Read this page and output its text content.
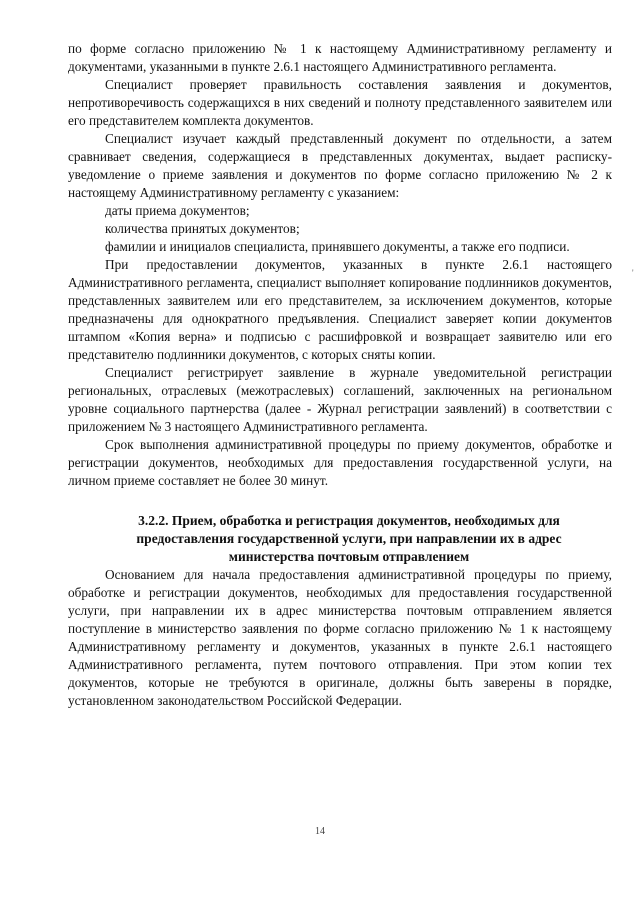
по форме согласно приложению № 1 к настоящему Административному регламенту и документами, указанными в пункте 2.6.1 настоящего Административного регламента.

Специалист проверяет правильность составления заявления и документов, непротиворечивость содержащихся в них сведений и полноту представленного заявителем или его представителем комплекта документов.

Специалист изучает каждый представленный документ по отдельности, а затем сравнивает сведения, содержащиеся в представленных документах, выдает расписку-уведомление о приеме заявления и документов по форме согласно приложению № 2 к настоящему Административному регламенту с указанием:

даты приема документов;

количества принятых документов;

фамилии и инициалов специалиста, принявшего документы, а также его подписи.

При предоставлении документов, указанных в пункте 2.6.1 настоящего Административного регламента, специалист выполняет копирование подлинников документов, представленных заявителем или его представителем, за исключением документов, которые предназначены для однократного предъявления. Специалист заверяет копии документов штампом «Копия верна» и подписью с расшифровкой и возвращает заявителю или его представителю подлинники документов, с которых сняты копии.

Специалист регистрирует заявление в журнале уведомительной регистрации региональных, отраслевых (межотраслевых) соглашений, заключенных на региональном уровне социального партнерства (далее - Журнал регистрации заявлений) в соответствии с приложением № 3 настоящего Административного регламента.

Срок выполнения административной процедуры по приему документов, обработке и регистрации документов, необходимых для предоставления государственной услуги, на личном приеме составляет не более 30 минут.

3.2.2. Прием, обработка и регистрация документов, необходимых для предоставления государственной услуги, при направлении их в адрес министерства почтовым отправлением

Основанием для начала предоставления административной процедуры по приему, обработке и регистрации документов, необходимых для предоставления государственной услуги, при направлении их в адрес министерства почтовым отправлением является поступление в министерство заявления по форме согласно приложению № 1 к настоящему Административному регламенту и документов, указанных в пункте 2.6.1 настоящего Административного регламента, путем почтового отправления. При этом копии тех документов, которые не требуются в оригинале, должны быть заверены в порядке, установленном законодательством Российской Федерации.

'
14
